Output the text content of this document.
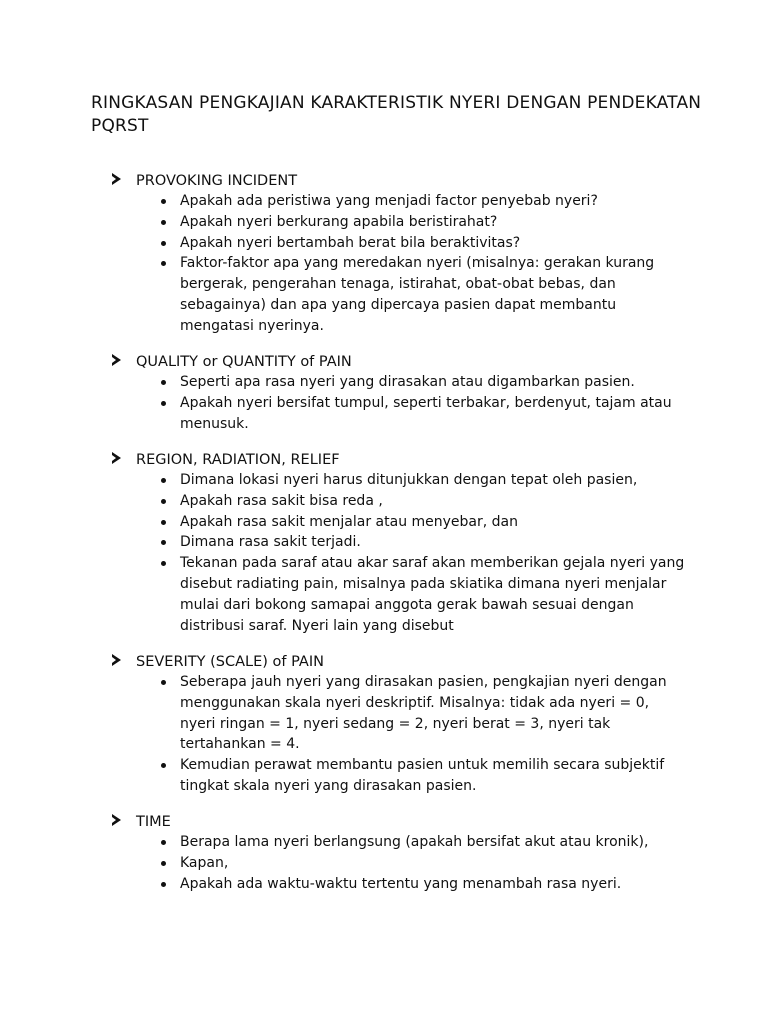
RINGKASAN PENGKAJIAN KARAKTERISTIK NYERI DENGAN PENDEKATAN PQRST
PROVOKING INCIDENT
Apakah ada peristiwa yang menjadi factor penyebab nyeri?
Apakah nyeri berkurang apabila beristirahat?
Apakah nyeri bertambah berat bila beraktivitas?
Faktor-faktor apa yang meredakan nyeri (misalnya: gerakan kurang bergerak, pengerahan tenaga, istirahat, obat-obat bebas, dan sebagainya) dan apa yang dipercaya pasien dapat membantu mengatasi nyerinya.
QUALITY or QUANTITY of PAIN
Seperti apa rasa nyeri yang dirasakan atau digambarkan pasien.
Apakah nyeri bersifat tumpul, seperti terbakar, berdenyut, tajam atau menusuk.
REGION, RADIATION, RELIEF
Dimana lokasi nyeri harus ditunjukkan dengan tepat oleh pasien,
Apakah rasa sakit bisa reda ,
Apakah rasa sakit menjalar atau menyebar, dan
Dimana rasa sakit terjadi.
Tekanan pada saraf atau akar saraf akan memberikan gejala nyeri yang disebut radiating pain, misalnya pada skiatika dimana nyeri menjalar mulai dari bokong samapai anggota gerak bawah sesuai dengan distribusi saraf. Nyeri lain yang disebut
SEVERITY (SCALE) of PAIN
Seberapa jauh nyeri yang dirasakan pasien, pengkajian nyeri dengan menggunakan skala nyeri deskriptif. Misalnya: tidak ada nyeri = 0, nyeri ringan = 1, nyeri sedang = 2, nyeri berat = 3, nyeri tak tertahankan = 4.
Kemudian perawat membantu pasien untuk memilih secara subjektif tingkat skala nyeri yang dirasakan pasien.
TIME
Berapa lama nyeri berlangsung (apakah bersifat akut atau kronik),
Kapan,
Apakah ada waktu-waktu tertentu yang menambah rasa nyeri.
